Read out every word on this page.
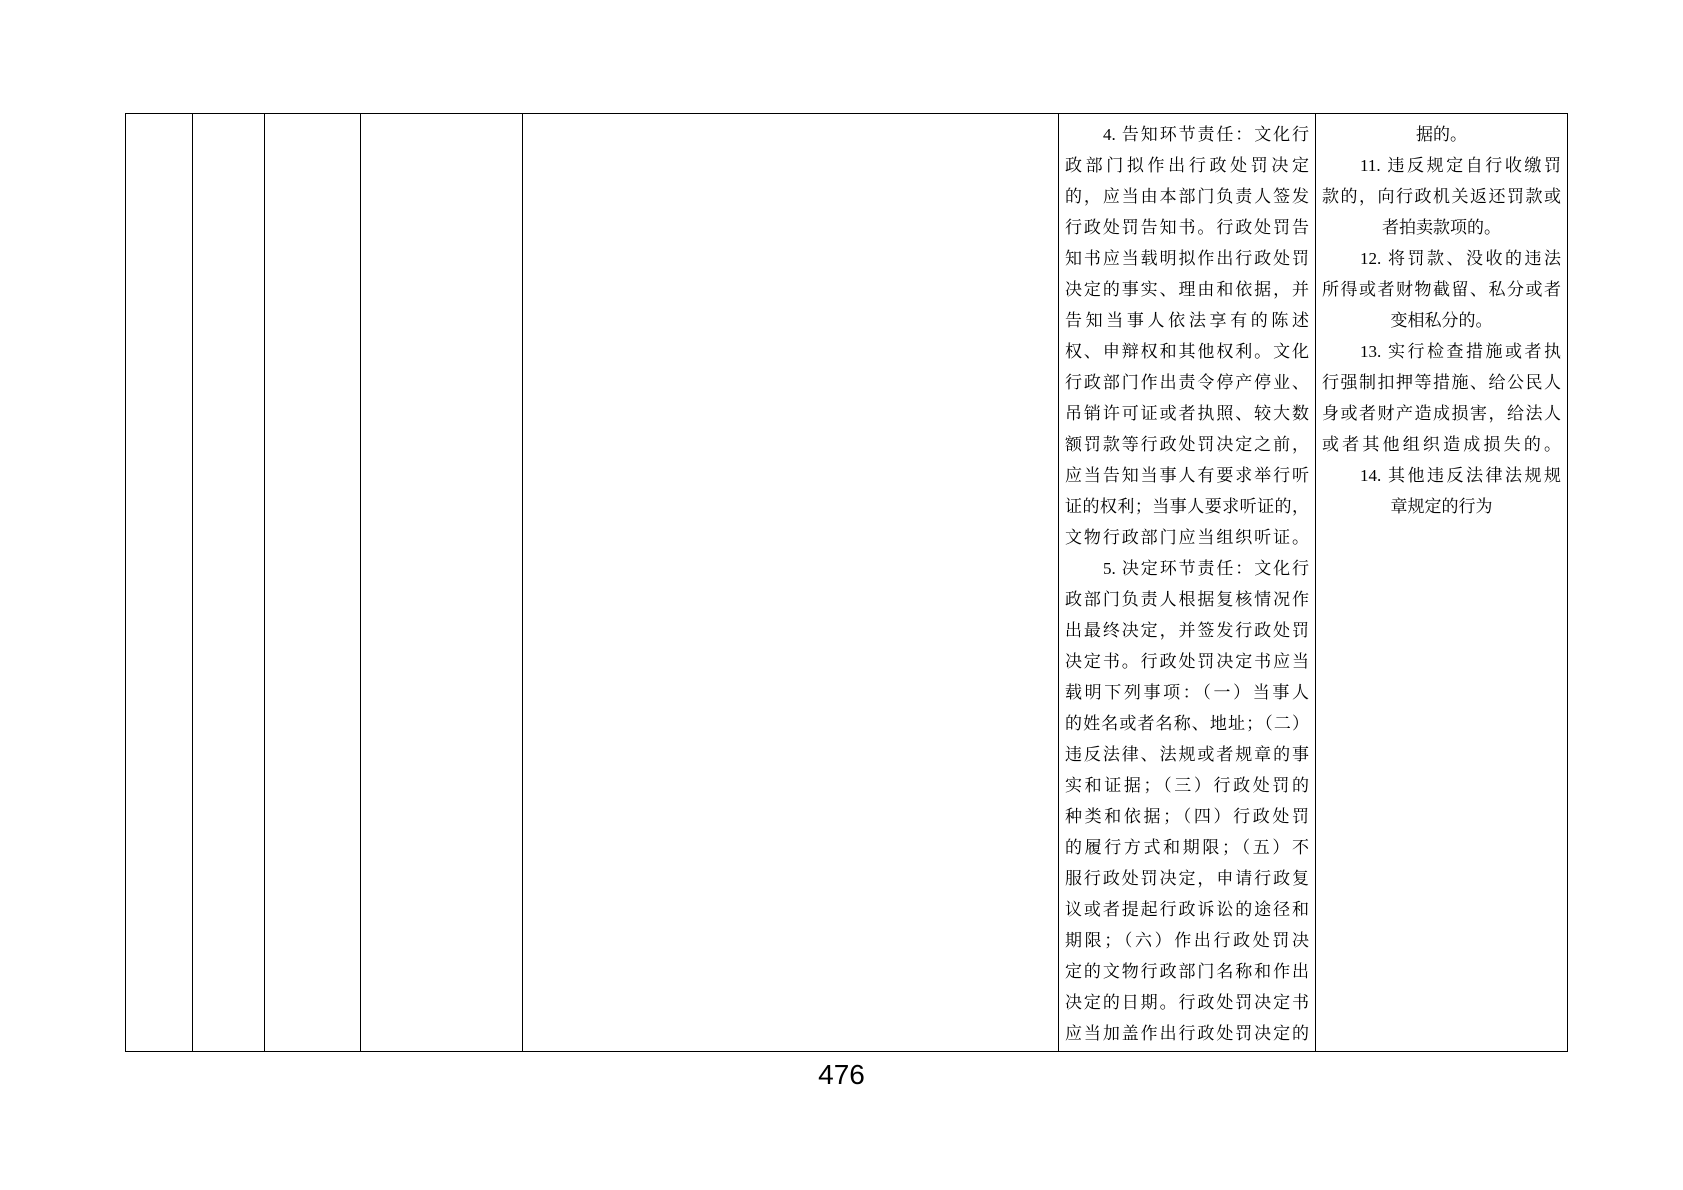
4. 告知环节责任：文化行
政部门拟作出行政处罚决定
的，应当由本部门负责人签发
行政处罚告知书。行政处罚告
知书应当载明拟作出行政处罚
决定的事实、理由和依据，并
告知当事人依法享有的陈述
权、申辩权和其他权利。文化
行政部门作出责令停产停业、
吊销许可证或者执照、较大数
额罚款等行政处罚决定之前，
应当告知当事人有要求举行听
证的权利；当事人要求听证的，
文物行政部门应当组织听证。
5. 决定环节责任：文化行
政部门负责人根据复核情况作
出最终决定，并签发行政处罚
决定书。行政处罚决定书应当
载明下列事项：（一）当事人
的姓名或者名称、地址；（二）
违反法律、法规或者规章的事
实和证据；（三）行政处罚的
种类和依据；（四）行政处罚
的履行方式和期限；（五）不
服行政处罚决定，申请行政复
议或者提起行政诉讼的途径和
期限；（六）作出行政处罚决
定的文物行政部门名称和作出
决定的日期。行政处罚决定书
应当加盖作出行政处罚决定的
据的。
11. 违反规定自行收缴罚
款的，向行政机关返还罚款或
者拍卖款项的。
12. 将罚款、没收的违法
所得或者财物截留、私分或者
变相私分的。
13. 实行检查措施或者执
行强制扣押等措施、给公民人
身或者财产造成损害，给法人
或者其他组织造成损失的。
14. 其他违反法律法规规
章规定的行为
476
